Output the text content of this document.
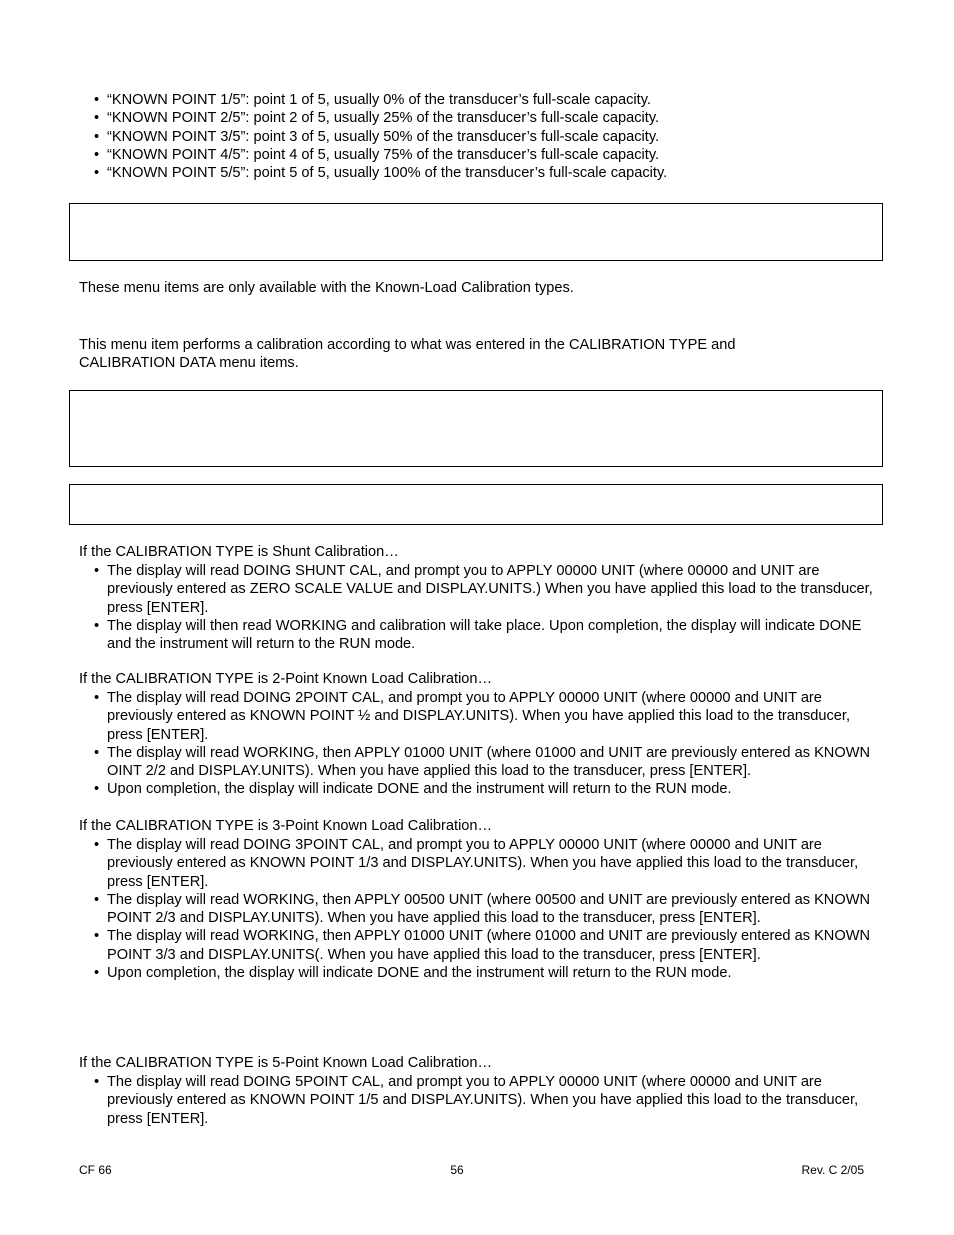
• “KNOWN POINT 1/5”: point 1 of 5, usually 0% of the transducer’s full-scale capacity.
• “KNOWN POINT 2/5”: point 2 of 5, usually 25% of the transducer’s full-scale capacity.
• “KNOWN POINT 3/5”: point 3 of 5, usually 50% of the transducer’s full-scale capacity.
• “KNOWN POINT 4/5”: point 4 of 5, usually 75% of the transducer’s full-scale capacity.
• “KNOWN POINT 5/5”: point 5 of 5, usually 100% of the transducer’s full-scale capacity.

These menu items are only available with the Known-Load Calibration types.

This menu item performs a calibration according to what was entered in the CALIBRATION TYPE and CALIBRATION DATA menu items.

If the CALIBRATION TYPE is Shunt Calibration…

• The display will read DOING SHUNT CAL, and prompt you to APPLY 00000 UNIT (where 00000 and UNIT are previously entered as ZERO SCALE VALUE and DISPLAY.UNITS.) When you have applied this load to the transducer, press [ENTER].
• The display will then read WORKING and calibration will take place. Upon completion, the display will indicate DONE and the instrument will return to the RUN mode.

If the CALIBRATION TYPE is 2-Point Known Load Calibration…

• The display will read DOING 2POINT CAL, and prompt you to APPLY 00000 UNIT (where 00000 and UNIT are previously entered as KNOWN POINT ½ and DISPLAY.UNITS). When you have applied this load to the transducer, press [ENTER].
• The display will read WORKING, then APPLY 01000 UNIT (where 01000 and UNIT are previously entered as KNOWN OINT 2/2 and DISPLAY.UNITS). When you have applied this load to the transducer, press [ENTER].
• Upon completion, the display will indicate DONE and the instrument will return to the RUN mode.

If the CALIBRATION TYPE is 3-Point Known Load Calibration…

• The display will read DOING 3POINT CAL, and prompt you to APPLY 00000 UNIT (where 00000 and UNIT are previously entered as KNOWN POINT 1/3 and DISPLAY.UNITS). When you have applied this load to the transducer, press [ENTER].
• The display will read WORKING, then APPLY 00500 UNIT (where 00500 and UNIT are previously entered as KNOWN POINT 2/3 and DISPLAY.UNITS). When you have applied this load to the transducer, press [ENTER].
• The display will read WORKING, then APPLY 01000 UNIT (where 01000 and UNIT are previously entered as KNOWN POINT 3/3 and DISPLAY.UNITS(. When you have applied this load to the transducer, press [ENTER].
• Upon completion, the display will indicate DONE and the instrument will return to the RUN mode.

If the CALIBRATION TYPE is 5-Point Known Load Calibration…

• The display will read DOING 5POINT CAL, and prompt you to APPLY 00000 UNIT (where 00000 and UNIT are previously entered as KNOWN POINT 1/5 and DISPLAY.UNITS). When you have applied this load to the transducer, press [ENTER].
CF 66	56	Rev. C 2/05
